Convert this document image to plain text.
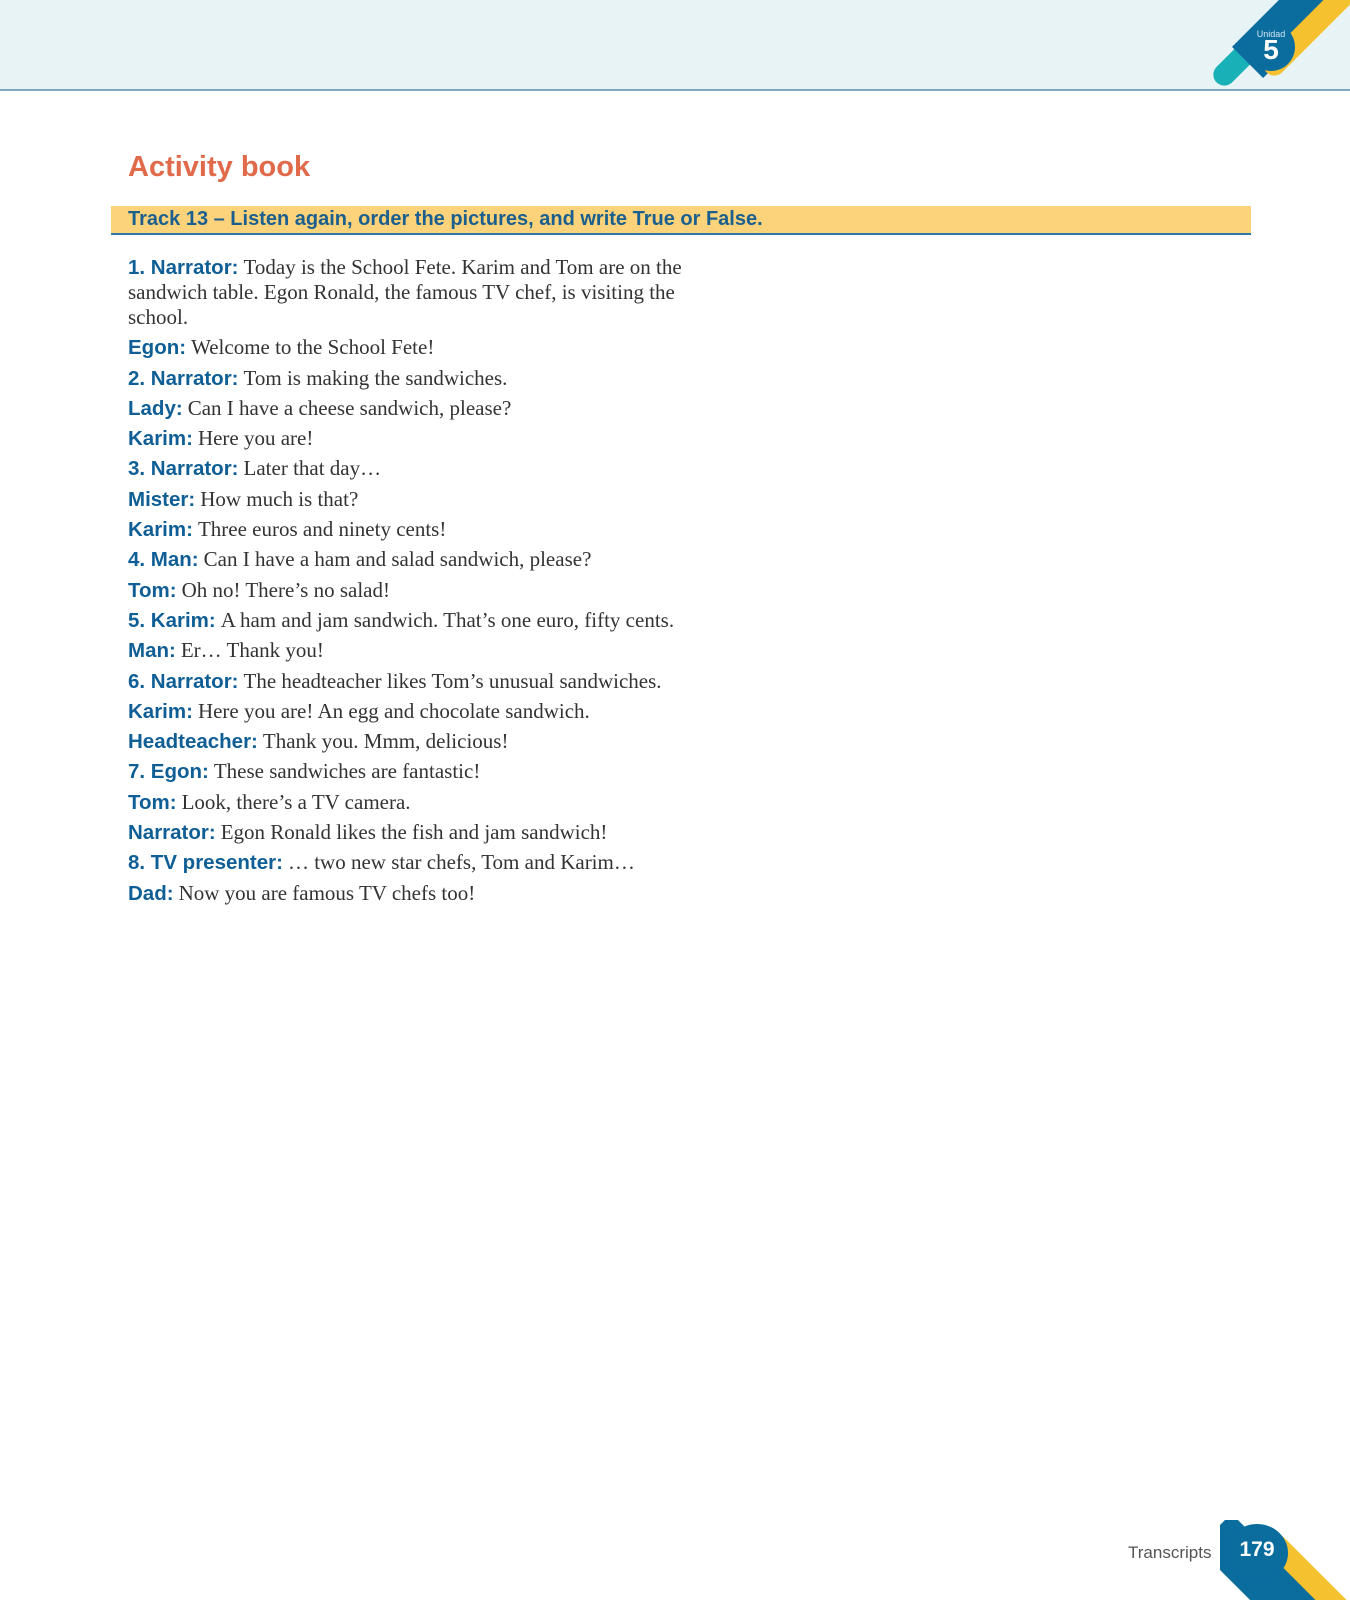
Unidad
5
Activity book
Track 13 – Listen again, order the pictures, and write True or False.

1. Narrator: Today is the School Fete. Karim and Tom are on the sandwich table. Egon Ronald, the famous TV chef, is visiting the school.

Egon: Welcome to the School Fete!

2. Narrator: Tom is making the sandwiches.

Lady: Can I have a cheese sandwich, please?

Karim: Here you are!

3. Narrator: Later that day…

Mister: How much is that?

Karim: Three euros and ninety cents!

4. Man: Can I have a ham and salad sandwich, please?

Tom: Oh no! There’s no salad!

5. Karim: A ham and jam sandwich. That’s one euro, fifty cents.

Man: Er… Thank you!

6. Narrator: The headteacher likes Tom’s unusual sandwiches.

Karim: Here you are! An egg and chocolate sandwich.

Headteacher: Thank you. Mmm, delicious!

7. Egon: These sandwiches are fantastic!

Tom: Look, there’s a TV camera.

Narrator: Egon Ronald likes the fish and jam sandwich!

8. TV presenter: … two new star chefs, Tom and Karim…

Dad: Now you are famous TV chefs too!

Transcripts	179
